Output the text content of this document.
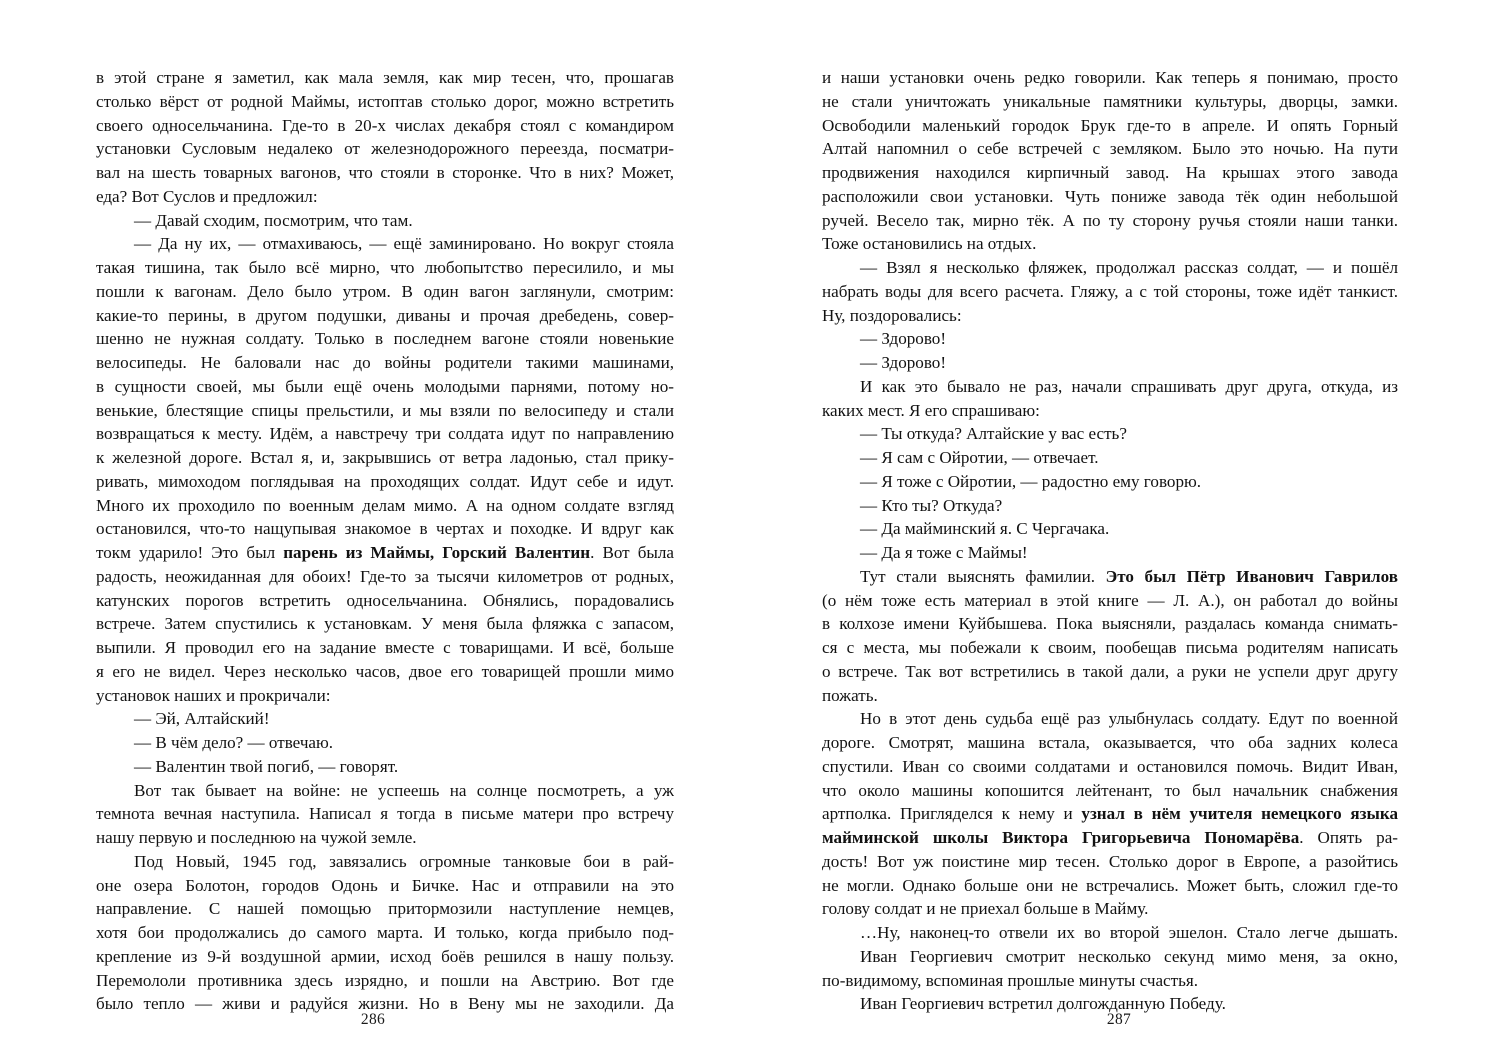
в этой стране я заметил, как мала земля, как мир тесен, что, прошагав
столько вёрст от родной Маймы, истоптав столько дорог, можно встретить
своего односельчанина. Где-то в 20-х числах декабря стоял с командиром
установки Сусловым недалеко от железнодорожного переезда, посматри-
вал на шесть товарных вагонов, что стояли в сторонке. Что в них? Может,
еда? Вот Суслов и предложил:
— Давай сходим, посмотрим, что там.
— Да ну их, — отмахиваюсь, — ещё заминировано. Но вокруг стояла
такая тишина, так было всё мирно, что любопытство пересилило, и мы
пошли к вагонам. Дело было утром. В один вагон заглянули, смотрим:
какие-то перины, в другом подушки, диваны и прочая дребедень, совер-
шенно не нужная солдату. Только в последнем вагоне стояли новенькие
велосипеды. Не баловали нас до войны родители такими машинами,
в сущности своей, мы были ещё очень молодыми парнями, потому но-
венькие, блестящие спицы прельстили, и мы взяли по велосипеду и стали
возвращаться к месту. Идём, а навстречу три солдата идут по направлению
к железной дороге. Встал я, и, закрывшись от ветра ладонью, стал прику-
ривать, мимоходом поглядывая на проходящих солдат. Идут себе и идут.
Много их проходило по военным делам мимо. А на одном солдате взгляд
остановился, что-то нащупывая знакомое в чертах и походке. И вдруг как
токм ударило! Это был парень из Маймы, Горский Валентин. Вот была
радость, неожиданная для обоих! Где-то за тысячи километров от родных,
катунских порогов встретить односельчанина. Обнялись, порадовались
встрече. Затем спустились к установкам. У меня была фляжка с запасом,
выпили. Я проводил его на задание вместе с товарищами. И всё, больше
я его не видел. Через несколько часов, двое его товарищей прошли мимо
установок наших и прокричали:
— Эй, Алтайский!
— В чём дело? — отвечаю.
— Валентин твой погиб, — говорят.
Вот так бывает на войне: не успеешь на солнце посмотреть, а уж
темнота вечная наступила. Написал я тогда в письме матери про встречу
нашу первую и последнюю на чужой земле.
Под Новый, 1945 год, завязались огромные танковые бои в рай-
оне озера Болотон, городов Одонь и Бичке. Нас и отправили на это
направление. С нашей помощью притормозили наступление немцев,
хотя бои продолжались до самого марта. И только, когда прибыло под-
крепление из 9-й воздушной армии, исход боёв решился в нашу пользу.
Перемололи противника здесь изрядно, и пошли на Австрию. Вот где
было тепло — живи и радуйся жизни. Но в Вену мы не заходили. Да
286
и наши установки очень редко говорили. Как теперь я понимаю, просто
не стали уничтожать уникальные памятники культуры, дворцы, замки.
Освободили маленький городок Брук где-то в апреле. И опять Горный
Алтай напомнил о себе встречей с земляком. Было это ночью. На пути
продвижения находился кирпичный завод. На крышах этого завода
расположили свои установки. Чуть пониже завода тёк один небольшой
ручей. Весело так, мирно тёк. А по ту сторону ручья стояли наши танки.
Тоже остановились на отдых.
— Взял я несколько фляжек, продолжал рассказ солдат, — и пошёл
набрать воды для всего расчета. Гляжу, а с той стороны, тоже идёт танкист.
Ну, поздоровались:
— Здорово!
— Здорово!
И как это бывало не раз, начали спрашивать друг друга, откуда, из
каких мест. Я его спрашиваю:
— Ты откуда? Алтайские у вас есть?
— Я сам с Ойротии, — отвечает.
— Я тоже с Ойротии, — радостно ему говорю.
— Кто ты? Откуда?
— Да майминский я. С Чергачака.
— Да я тоже с Маймы!
Тут стали выяснять фамилии. Это был Пётр Иванович Гаврилов
(о нём тоже есть материал в этой книге — Л. А.), он работал до войны
в колхозе имени Куйбышева. Пока выясняли, раздалась команда снимать-
ся с места, мы побежали к своим, пообещав письма родителям написать
о встрече. Так вот встретились в такой дали, а руки не успели друг другу
пожать.
Но в этот день судьба ещё раз улыбнулась солдату. Едут по военной
дороге. Смотрят, машина встала, оказывается, что оба задних колеса
спустили. Иван со своими солдатами и остановился помочь. Видит Иван,
что около машины копошится лейтенант, то был начальник снабжения
артполка. Пригляделся к нему и узнал в нём учителя немецкого языка
майминской школы Виктора Григорьевича Пономарёва. Опять ра-
дость! Вот уж поистине мир тесен. Столько дорог в Европе, а разойтись
не могли. Однако больше они не встречались. Может быть, сложил где-то
голову солдат и не приехал больше в Майму.
…Ну, наконец-то отвели их во второй эшелон. Стало легче дышать.
Иван Георгиевич смотрит несколько секунд мимо меня, за окно,
по-видимому, вспоминая прошлые минуты счастья.
Иван Георгиевич встретил долгожданную Победу.
287
